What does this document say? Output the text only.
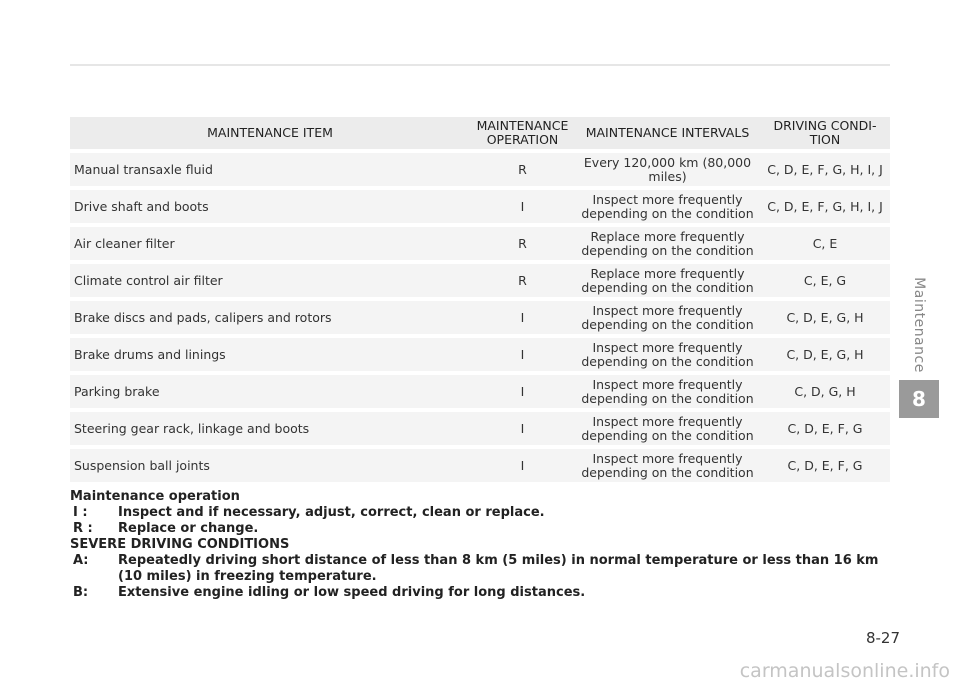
MAINTENANCE ITEM	MAINTENANCE OPERATION	MAINTENANCE INTERVALS	DRIVING CONDI-TION
Manual transaxle fluid	R	Every 120,000 km (80,000 miles)	C, D, E, F, G, H, I, J
Drive shaft and boots	I	Inspect more frequently depending on the condition	C, D, E, F, G, H, I, J
Air cleaner filter	R	Replace more frequently depending on the condition	C, E
Climate control air filter	R	Replace more frequently depending on the condition	C, E, G
Brake discs and pads, calipers and rotors	I	Inspect more frequently depending on the condition	C, D, E, G, H
Brake drums and linings	I	Inspect more frequently depending on the condition	C, D, E, G, H
Parking brake	I	Inspect more frequently depending on the condition	C, D, G, H
Steering gear rack, linkage and boots	I	Inspect more frequently depending on the condition	C, D, E, F, G
Suspension ball joints	I	Inspect more frequently depending on the condition	C, D, E, F, G
Maintenance operation
I :	Inspect and if necessary, adjust, correct, clean or replace.
R :	Replace or change.
SEVERE DRIVING CONDITIONS
A:	Repeatedly driving short distance of less than 8 km (5 miles) in normal temperature or less than 16 km (10 miles) in freezing temperature.
B:	Extensive engine idling or low speed driving for long distances.
Maintenance
8
8-27
carmanualsonline.info
